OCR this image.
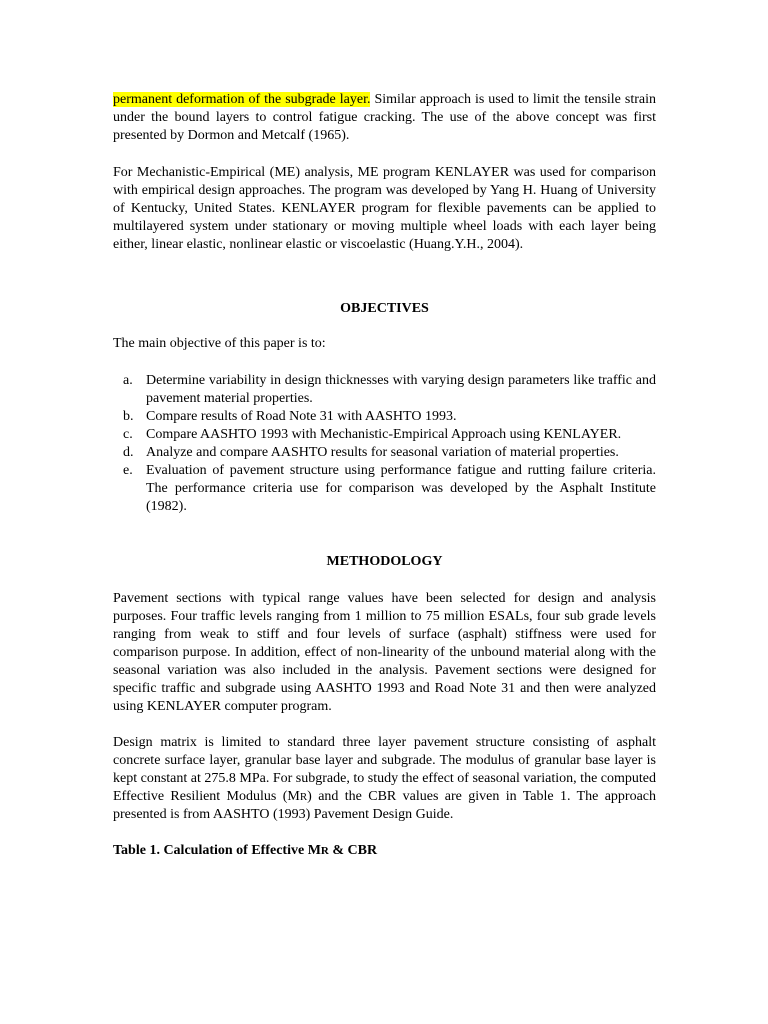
permanent deformation of the subgrade layer. Similar approach is used to limit the tensile strain under the bound layers to control fatigue cracking. The use of the above concept was first presented by Dormon and Metcalf (1965).

For Mechanistic-Empirical (ME) analysis, ME program KENLAYER was used for comparison with empirical design approaches. The program was developed by Yang H. Huang of University of Kentucky, United States. KENLAYER program for flexible pavements can be applied to multilayered system under stationary or moving multiple wheel loads with each layer being either, linear elastic, nonlinear elastic or viscoelastic (Huang.Y.H., 2004).

OBJECTIVES

The main objective of this paper is to:

a. Determine variability in design thicknesses with varying design parameters like traffic and pavement material properties.
b. Compare results of Road Note 31 with AASHTO 1993.
c. Compare AASHTO 1993 with Mechanistic-Empirical Approach using KENLAYER.
d. Analyze and compare AASHTO results for seasonal variation of material properties.
e. Evaluation of pavement structure using performance fatigue and rutting failure criteria. The performance criteria use for comparison was developed by the Asphalt Institute (1982).
METHODOLOGY

Pavement sections with typical range values have been selected for design and analysis purposes. Four traffic levels ranging from 1 million to 75 million ESALs, four sub grade levels ranging from weak to stiff and four levels of surface (asphalt) stiffness were used for comparison purpose. In addition, effect of non-linearity of the unbound material along with the seasonal variation was also included in the analysis. Pavement sections were designed for specific traffic and subgrade using AASHTO 1993 and Road Note 31 and then were analyzed using KENLAYER computer program.

Design matrix is limited to standard three layer pavement structure consisting of asphalt concrete surface layer, granular base layer and subgrade. The modulus of granular base layer is kept constant at 275.8 MPa. For subgrade, to study the effect of seasonal variation, the computed Effective Resilient Modulus (MR) and the CBR values are given in Table 1. The approach presented is from AASHTO (1993) Pavement Design Guide.

Table 1. Calculation of Effective MR & CBR
